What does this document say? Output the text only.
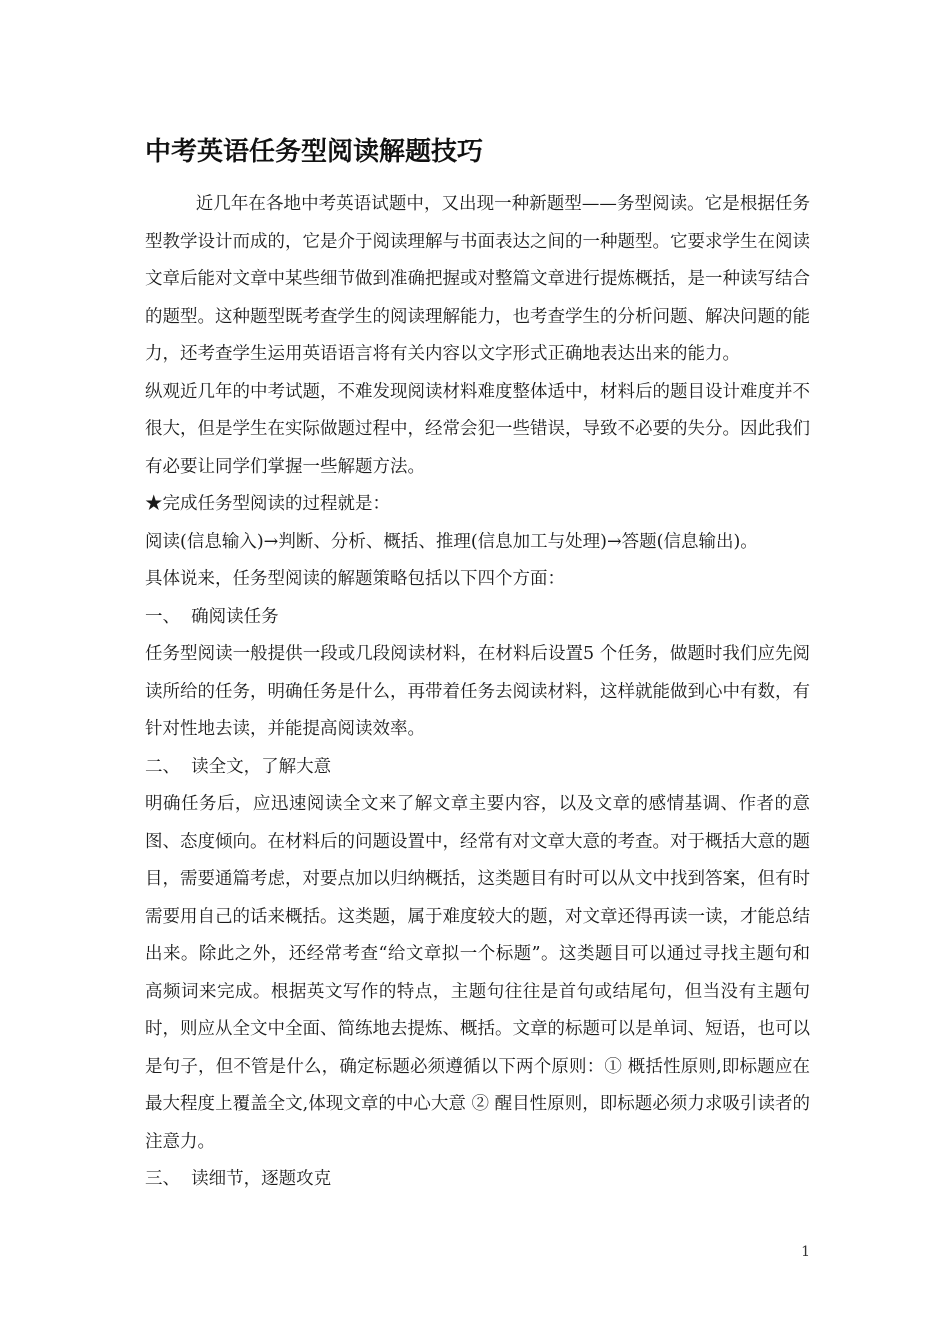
中考英语任务型阅读解题技巧

近几年在各地中考英语试题中，又出现一种新题型——务型阅读。它是根据任务型教学设计而成的，它是介于阅读理解与书面表达之间的一种题型。它要求学生在阅读文章后能对文章中某些细节做到准确把握或对整篇文章进行提炼概括，是一种读写结合的题型。这种题型既考查学生的阅读理解能力，也考查学生的分析问题、解决问题的能力，还考查学生运用英语语言将有关内容以文字形式正确地表达出来的能力。

纵观近几年的中考试题，不难发现阅读材料难度整体适中，材料后的题目设计难度并不很大，但是学生在实际做题过程中，经常会犯一些错误，导致不必要的失分。因此我们有必要让同学们掌握一些解题方法。

★完成任务型阅读的过程就是：

阅读(信息输入)→判断、分析、概括、推理(信息加工与处理)→答题(信息输出)。

具体说来，任务型阅读的解题策略包括以下四个方面：

一、  确阅读任务

任务型阅读一般提供一段或几段阅读材料，在材料后设置5 个任务，做题时我们应先阅读所给的任务，明确任务是什么，再带着任务去阅读材料，这样就能做到心中有数，有针对性地去读，并能提高阅读效率。

二、  读全文，了解大意

明确任务后，应迅速阅读全文来了解文章主要内容，以及文章的感情基调、作者的意图、态度倾向。在材料后的问题设置中，经常有对文章大意的考查。对于概括大意的题目，需要通篇考虑，对要点加以归纳概括，这类题目有时可以从文中找到答案，但有时需要用自己的话来概括。这类题，属于难度较大的题，对文章还得再读一读，才能总结出来。除此之外，还经常考查“给文章拟一个标题”。这类题目可以通过寻找主题句和高频词来完成。根据英文写作的特点，主题句往往是首句或结尾句，但当没有主题句时，则应从全文中全面、简练地去提炼、概括。文章的标题可以是单词、短语，也可以是句子，但不管是什么，确定标题必须遵循以下两个原则：① 概括性原则,即标题应在最大程度上覆盖全文,体现文章的中心大意 ② 醒目性原则，即标题必须力求吸引读者的注意力。

三、  读细节，逐题攻克

1
